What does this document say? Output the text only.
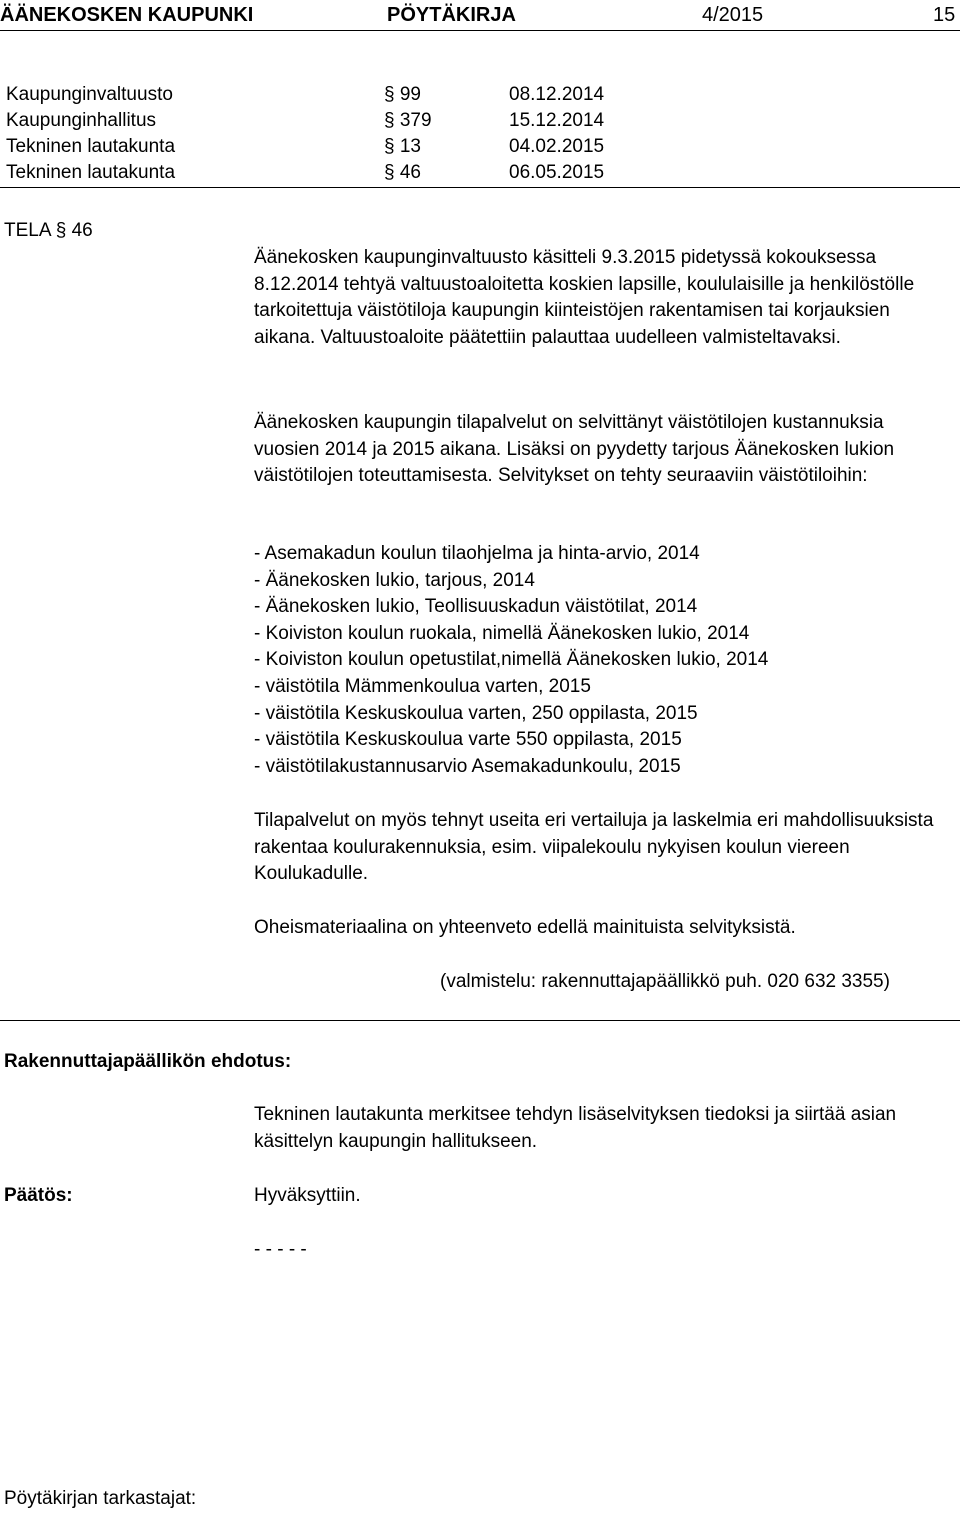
ÄÄNEKOSKEN KAUPUNKI	PÖYTÄKIRJA	4/2015	15
Kaupunginvaltuusto	§ 99	08.12.2014
Kaupunginhallitus	§ 379	15.12.2014
Tekninen lautakunta	§ 13	04.02.2015
Tekninen lautakunta	§ 46	06.05.2015
TELA § 46

Äänekosken kaupunginvaltuusto käsitteli 9.3.2015 pidetyssä kokouksessa 8.12.2014 tehtyä valtuustoaloitetta koskien lapsille, koululaisille ja henkilöstölle tarkoitettuja väistötiloja kaupungin kiinteistöjen rakentamisen tai korjauksien aikana. Valtuustoaloite päätettiin palauttaa uudelleen valmisteltavaksi.

Äänekosken kaupungin tilapalvelut on selvittänyt väistötilojen kustannuksia vuosien 2014 ja 2015 aikana. Lisäksi on pyydetty tarjous Äänekosken lukion väistötilojen toteuttamisesta. Selvitykset on tehty seuraaviin väistötiloihin:

- Asemakadun koulun tilaohjelma ja hinta-arvio, 2014
- Äänekosken lukio, tarjous, 2014
- Äänekosken lukio, Teollisuuskadun väistötilat, 2014
- Koiviston koulun ruokala, nimellä Äänekosken lukio, 2014
- Koiviston koulun opetustilat,nimellä Äänekosken lukio, 2014
- väistötila Mämmenkoulua varten, 2015
- väistötila Keskuskoulua varten, 250 oppilasta, 2015
- väistötila Keskuskoulua varte 550 oppilasta, 2015
- väistötilakustannusarvio Asemakadunkoulu, 2015

Tilapalvelut on myös tehnyt useita eri vertailuja ja laskelmia eri mahdollisuuksista rakentaa koulurakennuksia, esim. viipalekoulu nykyisen koulun viereen Koulukadulle.

Oheismateriaalina on yhteenveto edellä mainituista selvityksistä.

(valmistelu: rakennuttajapäällikkö puh. 020 632 3355)
Rakennuttajapäällikön ehdotus:

Tekninen lautakunta merkitsee tehdyn lisäselvityksen tiedoksi ja siirtää asian käsittelyn kaupungin hallitukseen.

Päätös:	Hyväksyttiin.
- - - - -
Pöytäkirjan tarkastajat:
